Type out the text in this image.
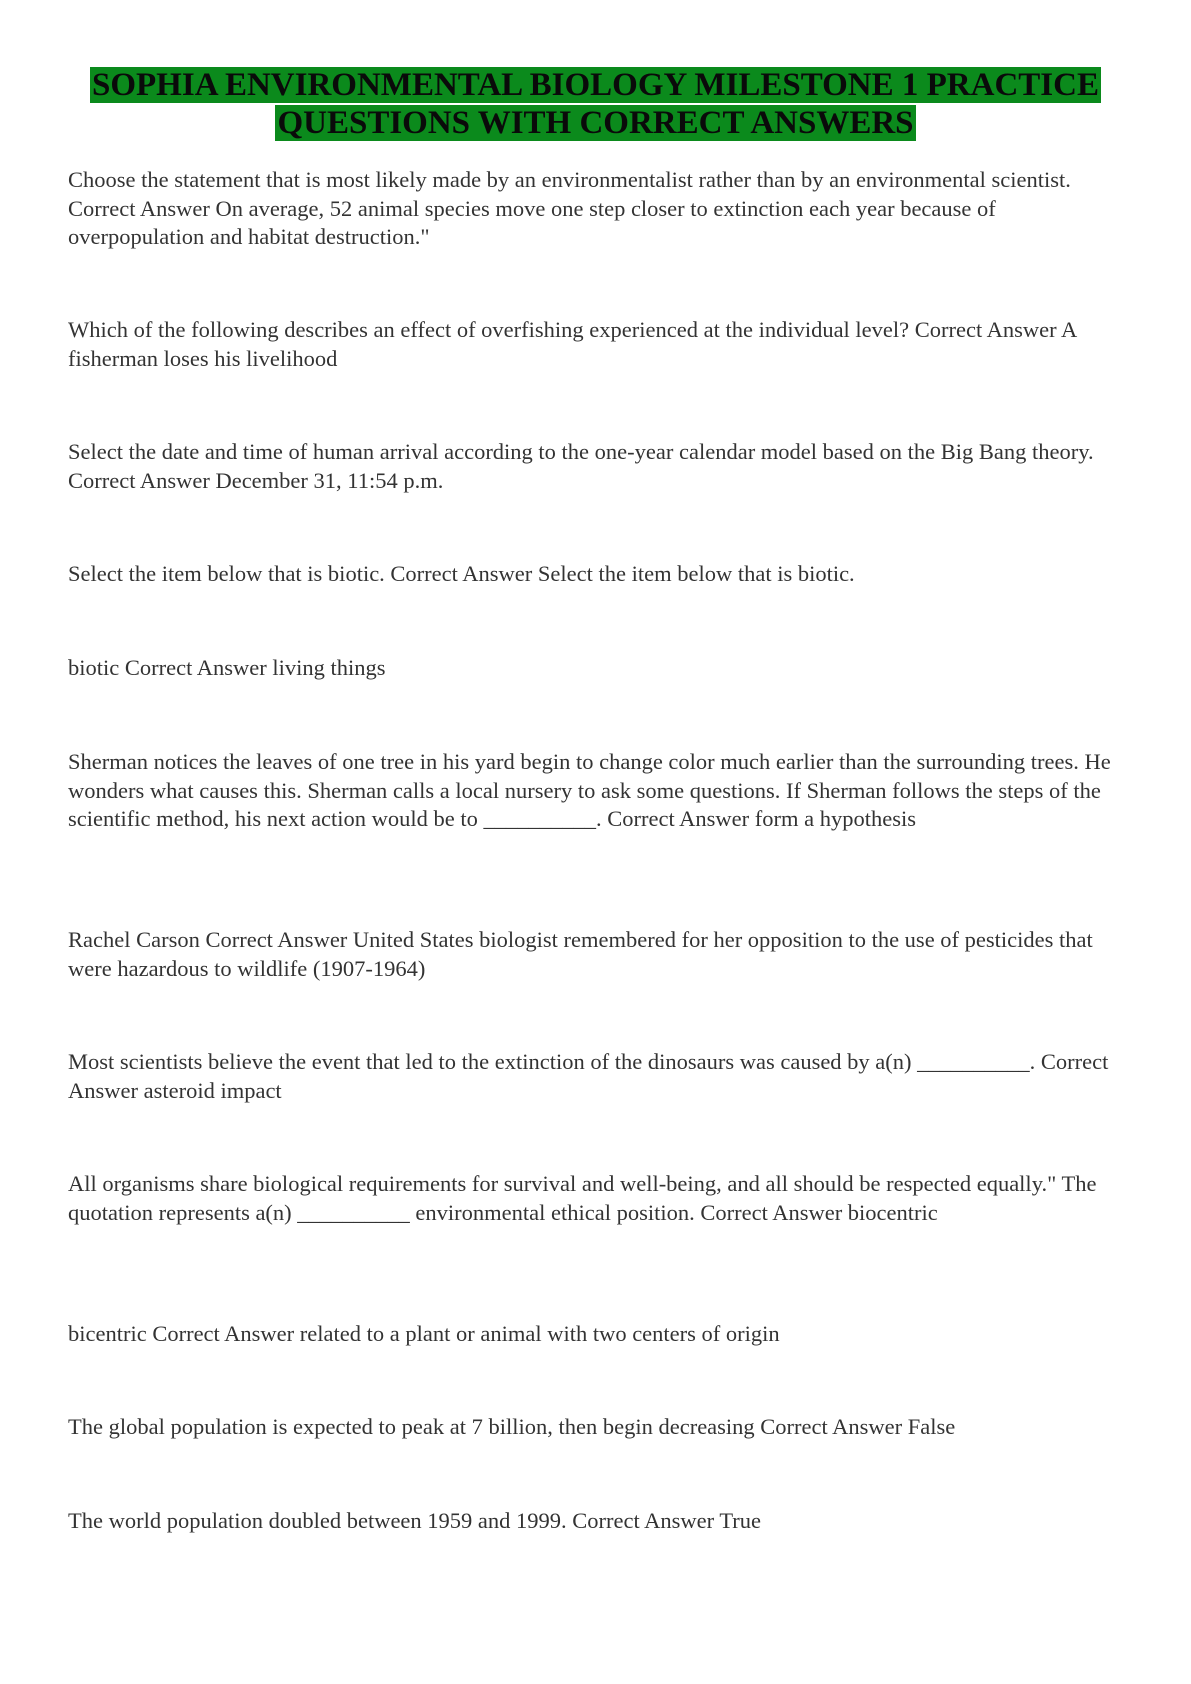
SOPHIA ENVIRONMENTAL BIOLOGY MILESTONE 1 PRACTICE
QUESTIONS WITH CORRECT ANSWERS

Choose the statement that is most likely made by an environmentalist rather than by an environmental scientist. Correct Answer On average, 52 animal species move one step closer to extinction each year because of overpopulation and habitat destruction."

Which of the following describes an effect of overfishing experienced at the individual level? Correct Answer A fisherman loses his livelihood

Select the date and time of human arrival according to the one-year calendar model based on the Big Bang theory. Correct Answer December 31, 11:54 p.m.

Select the item below that is biotic. Correct Answer Select the item below that is biotic.

biotic Correct Answer living things

Sherman notices the leaves of one tree in his yard begin to change color much earlier than the surrounding trees. He wonders what causes this. Sherman calls a local nursery to ask some questions. If Sherman follows the steps of the scientific method, his next action would be to __________. Correct Answer form a hypothesis

Rachel Carson Correct Answer United States biologist remembered for her opposition to the use of pesticides that were hazardous to wildlife (1907-1964)

Most scientists believe the event that led to the extinction of the dinosaurs was caused by a(n) __________. Correct Answer asteroid impact

All organisms share biological requirements for survival and well-being, and all should be respected equally." The quotation represents a(n) __________ environmental ethical position. Correct Answer biocentric

bicentric Correct Answer related to a plant or animal with two centers of origin

The global population is expected to peak at 7 billion, then begin decreasing Correct Answer False

The world population doubled between 1959 and 1999. Correct Answer True
